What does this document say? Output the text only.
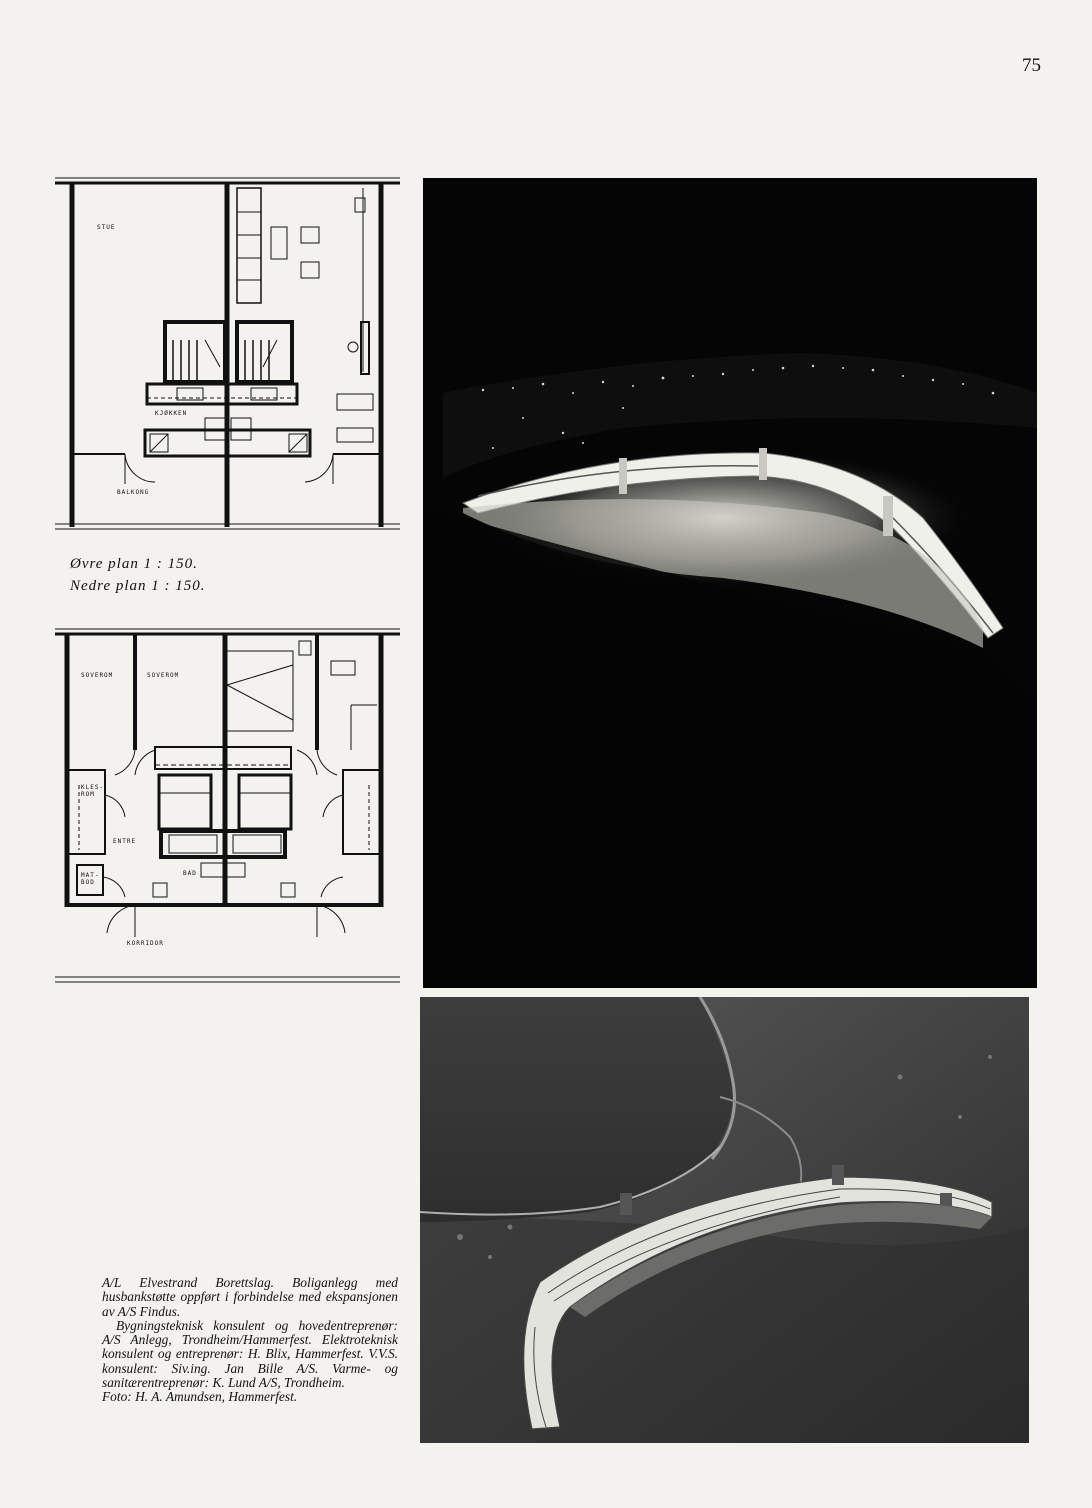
75
STUE
KJØKKEN
BALKONG
Øvre plan 1 : 150.
Nedre plan 1 : 150.
SOVEROM	SOVEROM
KLES-ROM
ENTRE
MAT-BOD
BAD
KORRIDOR

A/L Elvestrand Borettslag. Boliganlegg med husbankstøtte oppført i forbindelse med ekspansjonen av A/S Findus.

Bygningsteknisk konsulent og hovedentreprenør: A/S Anlegg, Trondheim/Hammerfest. Elektroteknisk konsulent og entreprenør: H. Blix, Hammerfest. V.V.S. konsulent: Siv.ing. Jan Bille A/S. Varme- og sanitærentreprenør: K. Lund A/S, Trondheim.

Foto: H. A. Amundsen, Hammerfest.
